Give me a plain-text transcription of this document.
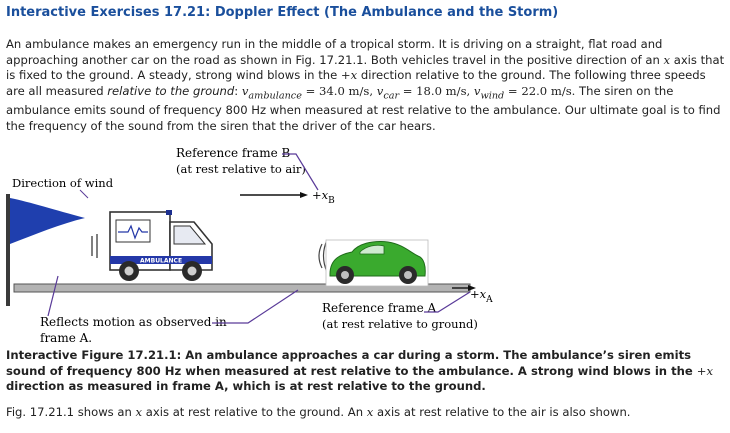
Interactive Exercises 17.21: Doppler Effect (The Ambulance and the Storm)
An ambulance makes an emergency run in the middle of a tropical storm. It is driving on a straight, flat road and approaching another car on the road as shown in Fig. 17.21.1. Both vehicles travel in the positive direction of an x axis that is fixed to the ground. A steady, strong wind blows in the +x direction relative to the ground. The following three speeds are all measured relative to the ground: $v_{ambulance} = 34.0$ m/s, $v_{car} = 18.0$ m/s, $v_{wind} = 22.0$ m/s. The siren on the ambulance emits sound of frequency 800 Hz when measured at rest relative to the ambulance. Our ultimate goal is to find the frequency of the sound from the siren that the driver of the car hears.
Reference frame B
(at rest relative to air)
Direction of wind
$+x_B$
AMBULANCE
$+x_A$
Reference frame A
(at rest relative to ground)
Reflects motion as observed in
frame A.
Interactive Figure 17.21.1: An ambulance approaches a car during a storm. The ambulance’s siren emits sound of frequency 800 Hz when measured at rest relative to the ambulance. A strong wind blows in the +x direction as measured in frame A, which is at rest relative to the ground.
Fig. 17.21.1 shows an x axis at rest relative to the ground. An x axis at rest relative to the air is also shown.
